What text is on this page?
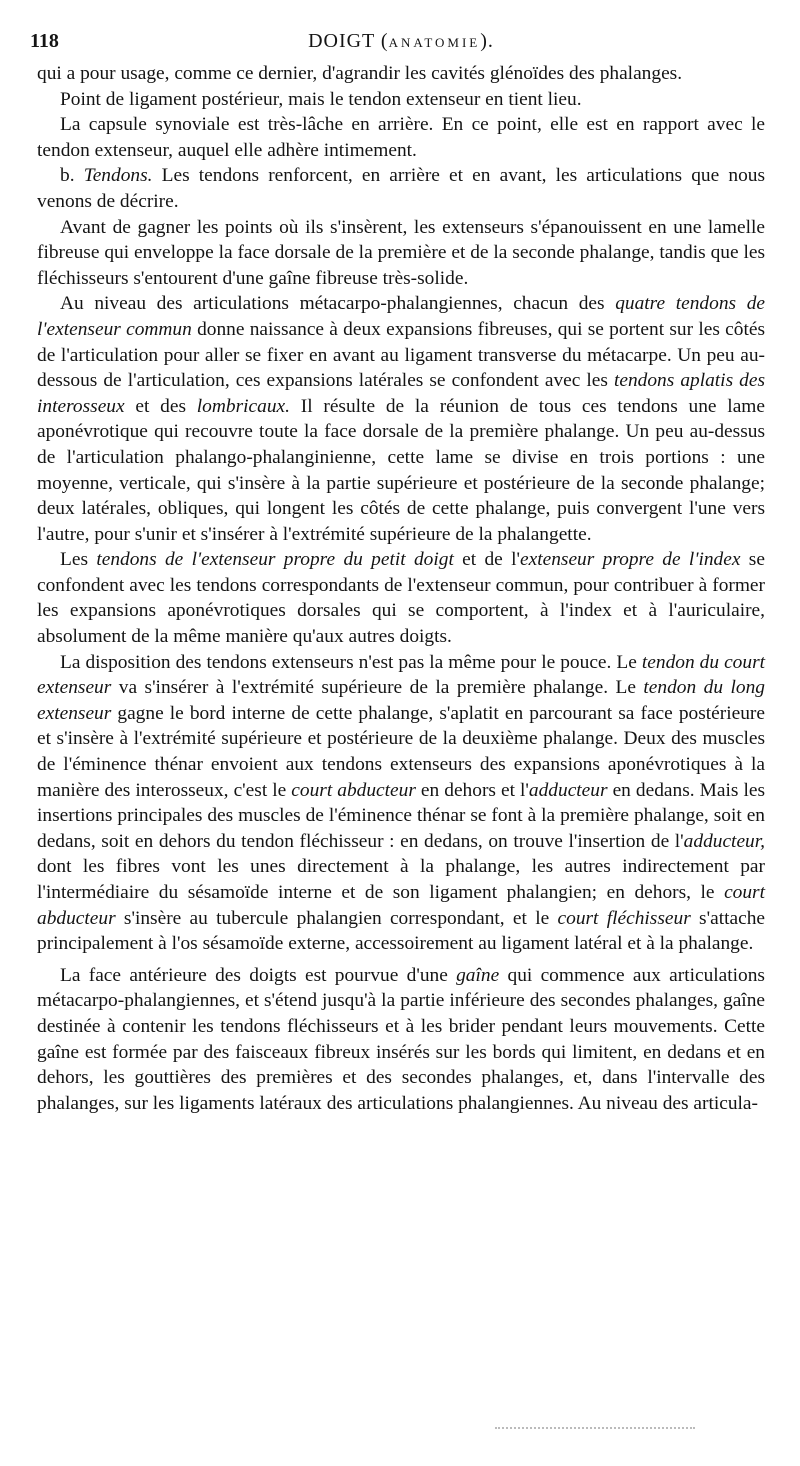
118	DOIGT (ANATOMIE).

qui a pour usage, comme ce dernier, d'agrandir les cavités glénoïdes des phalanges.

Point de ligament postérieur, mais le tendon extenseur en tient lieu.

La capsule synoviale est très-lâche en arrière. En ce point, elle est en rapport avec le tendon extenseur, auquel elle adhère intimement.

b. Tendons. Les tendons renforcent, en arrière et en avant, les articulations que nous venons de décrire.

Avant de gagner les points où ils s'insèrent, les extenseurs s'épanouissent en une lamelle fibreuse qui enveloppe la face dorsale de la première et de la seconde phalange, tandis que les fléchisseurs s'entourent d'une gaîne fibreuse très-solide.

Au niveau des articulations métacarpo-phalangiennes, chacun des quatre tendons de l'extenseur commun donne naissance à deux expansions fibreuses, qui se portent sur les côtés de l'articulation pour aller se fixer en avant au ligament transverse du métacarpe. Un peu au-dessous de l'articulation, ces expansions latérales se confondent avec les tendons aplatis des interosseux et des lombricaux. Il résulte de la réunion de tous ces tendons une lame aponévrotique qui recouvre toute la face dorsale de la première phalange. Un peu au-dessus de l'articulation phalango-phalanginienne, cette lame se divise en trois portions : une moyenne, verticale, qui s'insère à la partie supérieure et postérieure de la seconde phalange; deux latérales, obliques, qui longent les côtés de cette phalange, puis convergent l'une vers l'autre, pour s'unir et s'insérer à l'extrémité supérieure de la phalangette.

Les tendons de l'extenseur propre du petit doigt et de l'extenseur propre de l'index se confondent avec les tendons correspondants de l'extenseur commun, pour contribuer à former les expansions aponévrotiques dorsales qui se comportent, à l'index et à l'auriculaire, absolument de la même manière qu'aux autres doigts.

La disposition des tendons extenseurs n'est pas la même pour le pouce. Le tendon du court extenseur va s'insérer à l'extrémité supérieure de la première phalange. Le tendon du long extenseur gagne le bord interne de cette phalange, s'aplatit en parcourant sa face postérieure et s'insère à l'extrémité supérieure et postérieure de la deuxième phalange. Deux des muscles de l'éminence thénar envoient aux tendons extenseurs des expansions aponévrotiques à la manière des interosseux, c'est le court abducteur en dehors et l'adducteur en dedans. Mais les insertions principales des muscles de l'éminence thénar se font à la première phalange, soit en dedans, soit en dehors du tendon fléchisseur : en dedans, on trouve l'insertion de l'adducteur, dont les fibres vont les unes directement à la phalange, les autres indirectement par l'intermédiaire du sésamoïde interne et de son ligament phalangien; en dehors, le court abducteur s'insère au tubercule phalangien correspondant, et le court fléchisseur s'attache principalement à l'os sésamoïde externe, accessoirement au ligament latéral et à la phalange.

La face antérieure des doigts est pourvue d'une gaîne qui commence aux articulations métacarpo-phalangiennes, et s'étend jusqu'à la partie inférieure des secondes phalanges, gaîne destinée à contenir les tendons fléchisseurs et à les brider pendant leurs mouvements. Cette gaîne est formée par des faisceaux fibreux insérés sur les bords qui limitent, en dedans et en dehors, les gouttières des premières et des secondes phalanges, et, dans l'intervalle des phalanges, sur les ligaments latéraux des articulations phalangiennes. Au niveau des articula-
